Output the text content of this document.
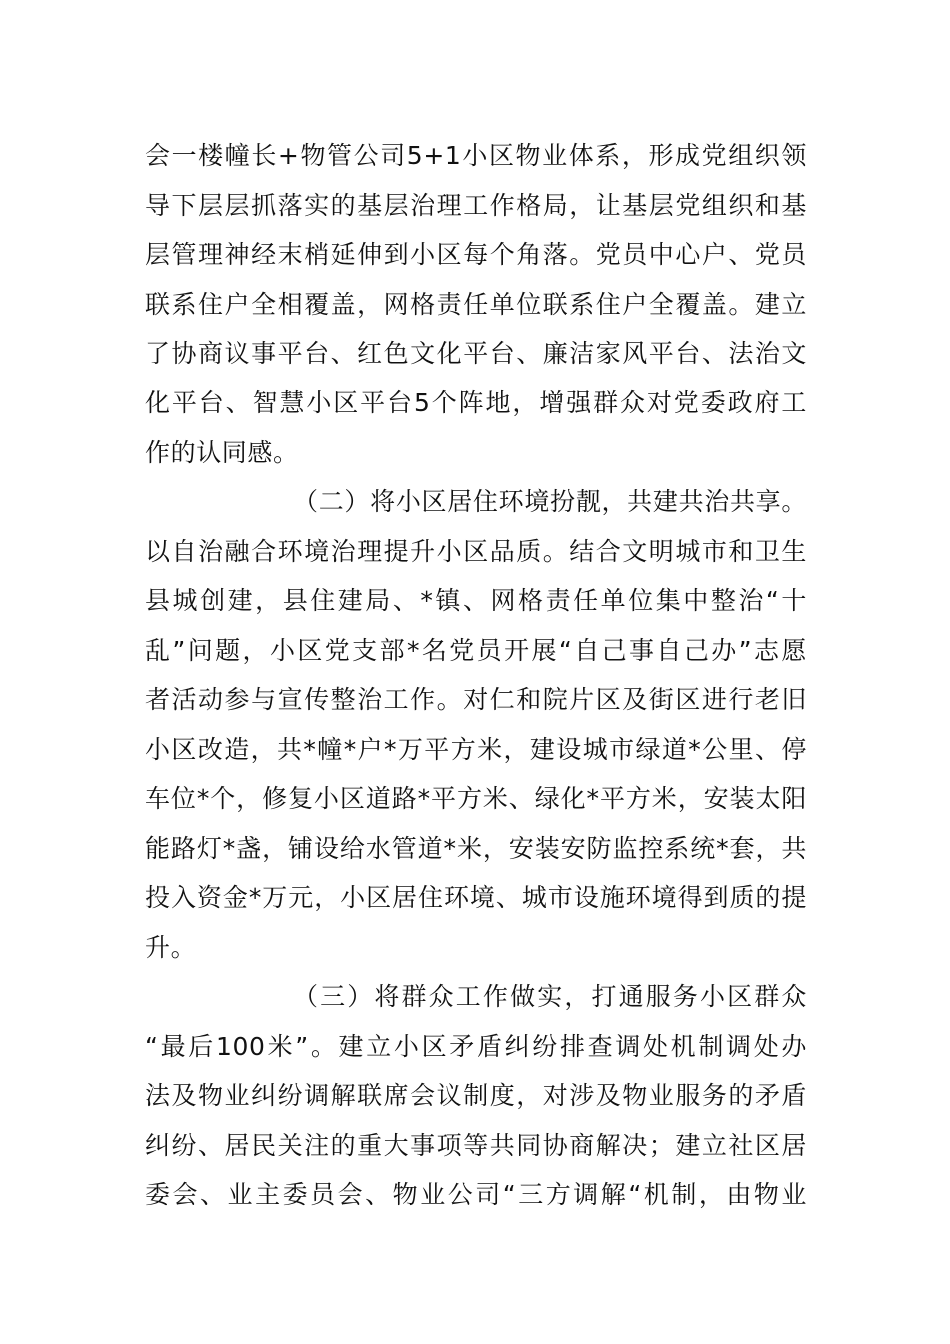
会一楼幢长+物管公司5+1小区物业体系，形成党组织领
导下层层抓落实的基层治理工作格局，让基层党组织和基
层管理神经末梢延伸到小区每个角落。党员中心户、党员
联系住户全相覆盖，网格责任单位联系住户全覆盖。建立
了协商议事平台、红色文化平台、廉洁家风平台、法治文
化平台、智慧小区平台5个阵地，增强群众对党委政府工
作的认同感。
（二）将小区居住环境扮靓，共建共治共享。
以自治融合环境治理提升小区品质。结合文明城市和卫生
县城创建，县住建局、*镇、网格责任单位集中整治“十
乱”问题，小区党支部*名党员开展“自己事自己办”志愿
者活动参与宣传整治工作。对仁和院片区及街区进行老旧
小区改造，共*幢*户*万平方米，建设城市绿道*公里、停
车位*个，修复小区道路*平方米、绿化*平方米，安装太阳
能路灯*盏，铺设给水管道*米，安装安防监控系统*套，共
投入资金*万元，小区居住环境、城市设施环境得到质的提
升。
（三）将群众工作做实，打通服务小区群众
“最后100米”。建立小区矛盾纠纷排查调处机制调处办
法及物业纠纷调解联席会议制度，对涉及物业服务的矛盾
纠纷、居民关注的重大事项等共同协商解决；建立社区居
委会、业主委员会、物业公司“三方调解“机制，由物业
